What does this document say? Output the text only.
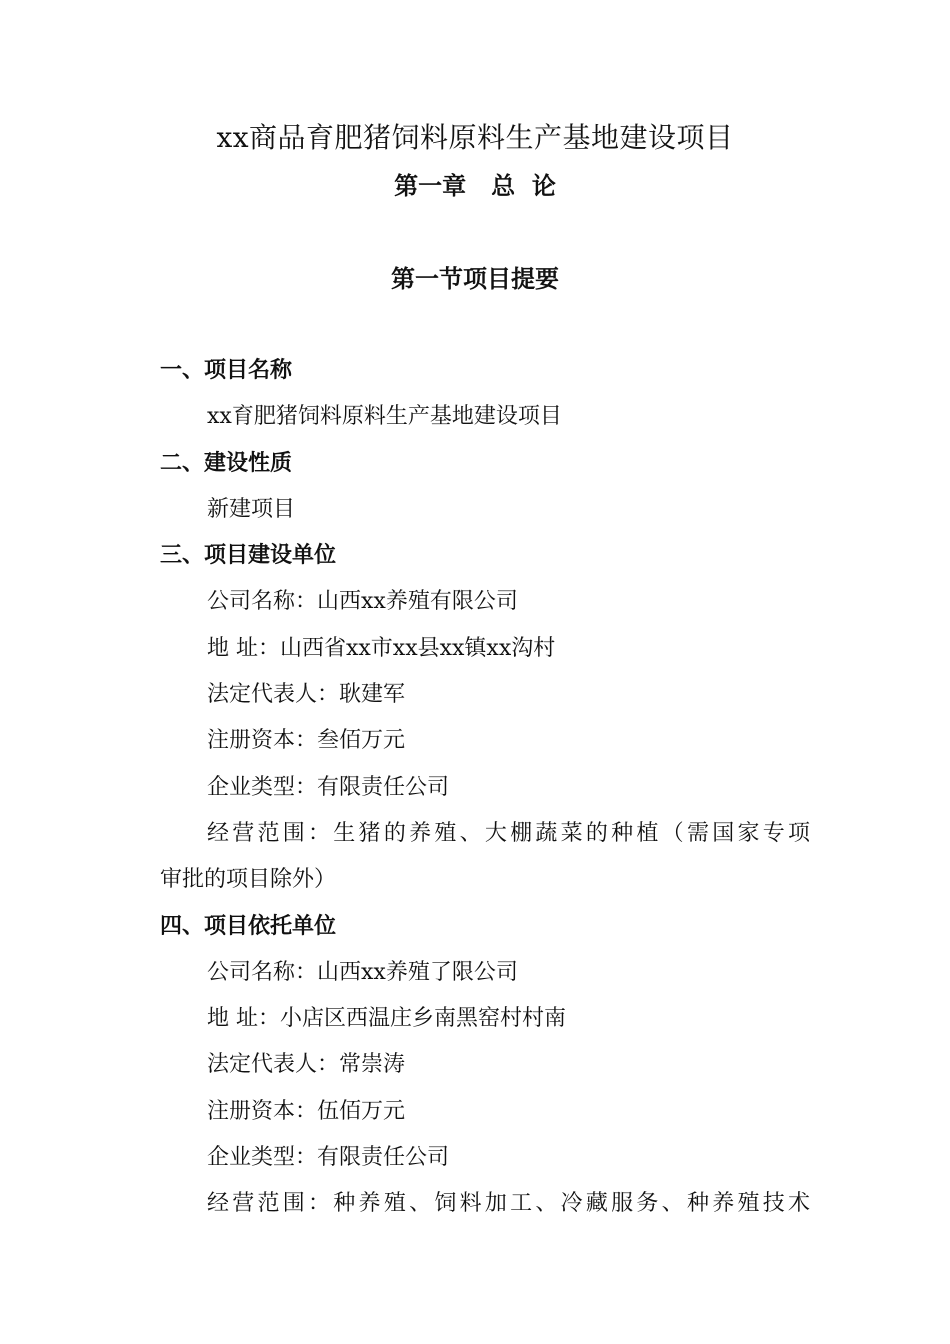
xx商品育肥猪饲料原料生产基地建设项目
第一章   总  论
第一节项目提要
一、项目名称
xx育肥猪饲料原料生产基地建设项目
二、建设性质
新建项目
三、项目建设单位
公司名称：山西xx养殖有限公司
地 址：山西省xx市xx县xx镇xx沟村
法定代表人：耿建军
注册资本：叁佰万元
企业类型：有限责任公司
经营范围：生猪的养殖、大棚蔬菜的种植（需国家专项
审批的项目除外）
四、项目依托单位
公司名称：山西xx养殖了限公司
地 址：小店区西温庄乡南黑窑村村南
法定代表人：常崇涛
注册资本：伍佰万元
企业类型：有限责任公司
经营范围：种养殖、饲料加工、冷藏服务、种养殖技术
